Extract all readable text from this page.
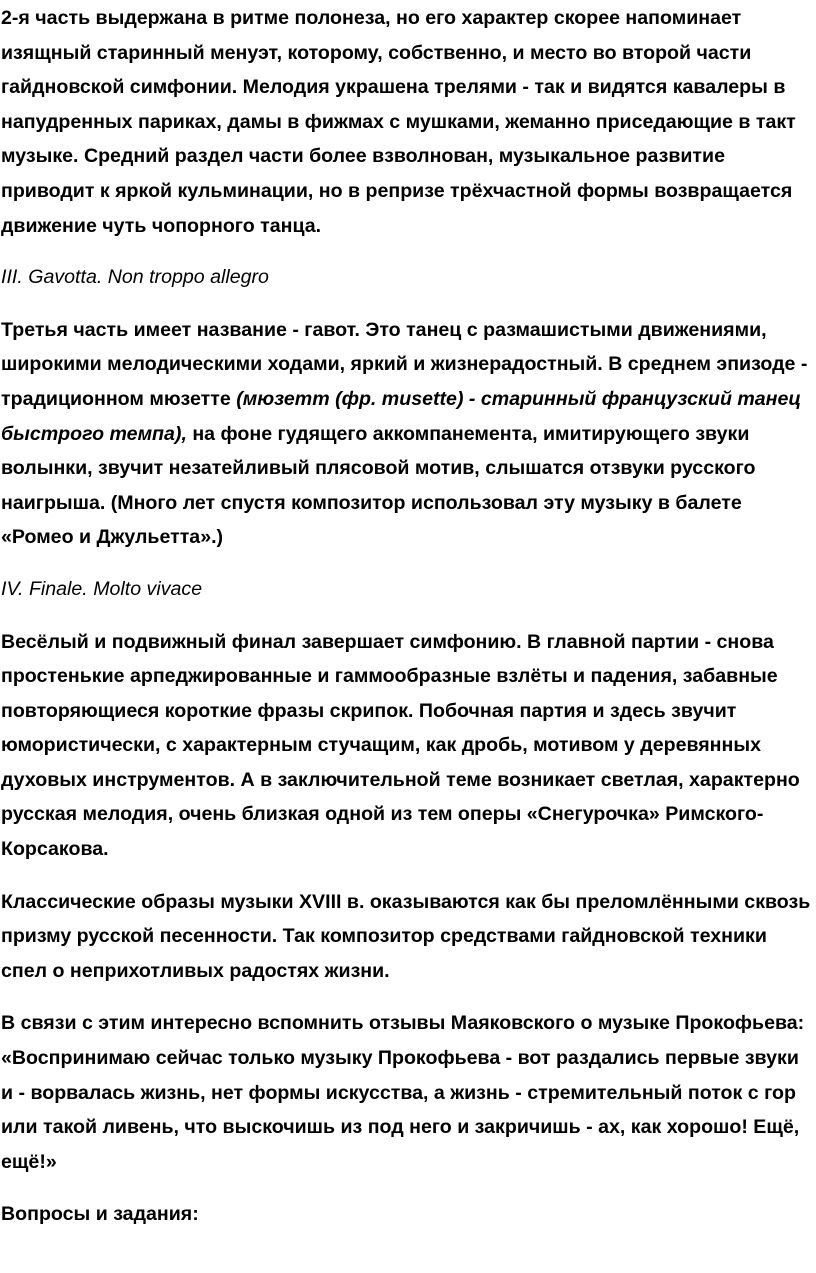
2-я часть выдержана в ритме полонеза, но его характер скорее напоминает изящный старинный менуэт, которому, собственно, и место во второй части гайдновской симфонии. Мелодия украшена трелями - так и видятся кавалеры в напудренных париках, дамы в фижмах с мушками, жеманно приседающие в такт музыке. Средний раздел части более взволнован, музыкальное развитие приводит к яркой кульминации, но в репризе трёхчастной формы возвращается движение чуть чопорного танца.

III. Gavotta. Non troppo allegro

Третья часть имеет название - гавот. Это танец с размашистыми движениями, широкими мелодическими ходами, яркий и жизнерадостный. В среднем эпизоде - традиционном мюзетте (мюзетт (фр. musette) - старинный французский танец быстрого темпа), на фоне гудящего аккомпанемента, имитирующего звуки волынки, звучит незатейливый плясовой мотив, слышатся отзвуки русского наигрыша. (Много лет спустя композитор использовал эту музыку в балете «Ромео и Джульетта».)

IV. Finale. Molto vivace

Весёлый и подвижный финал завершает симфонию. В главной партии - снова простенькие арпеджированные и гаммообразные взлёты и падения, забавные повторяющиеся короткие фразы скрипок. Побочная партия и здесь звучит юмористически, с характерным стучащим, как дробь, мотивом у деревянных духовых инструментов. А в заключительной теме возникает светлая, характерно русская мелодия, очень близкая одной из тем оперы «Снегурочка» Римского-Корсакова.

Классические образы музыки XVIII в. оказываются как бы преломлёнными сквозь призму русской песенности. Так композитор средствами гайдновской техники спел о неприхотливых радостях жизни.

В связи с этим интересно вспомнить отзывы Маяковского о музыке Прокофьева: «Воспринимаю сейчас только музыку Прокофьева - вот раздались первые звуки и - ворвалась жизнь, нет формы искусства, а жизнь - стремительный поток с гор или такой ливень, что выскочишь из под него и закричишь - ах, как хорошо! Ещё, ещё!»

Вопросы и задания:
